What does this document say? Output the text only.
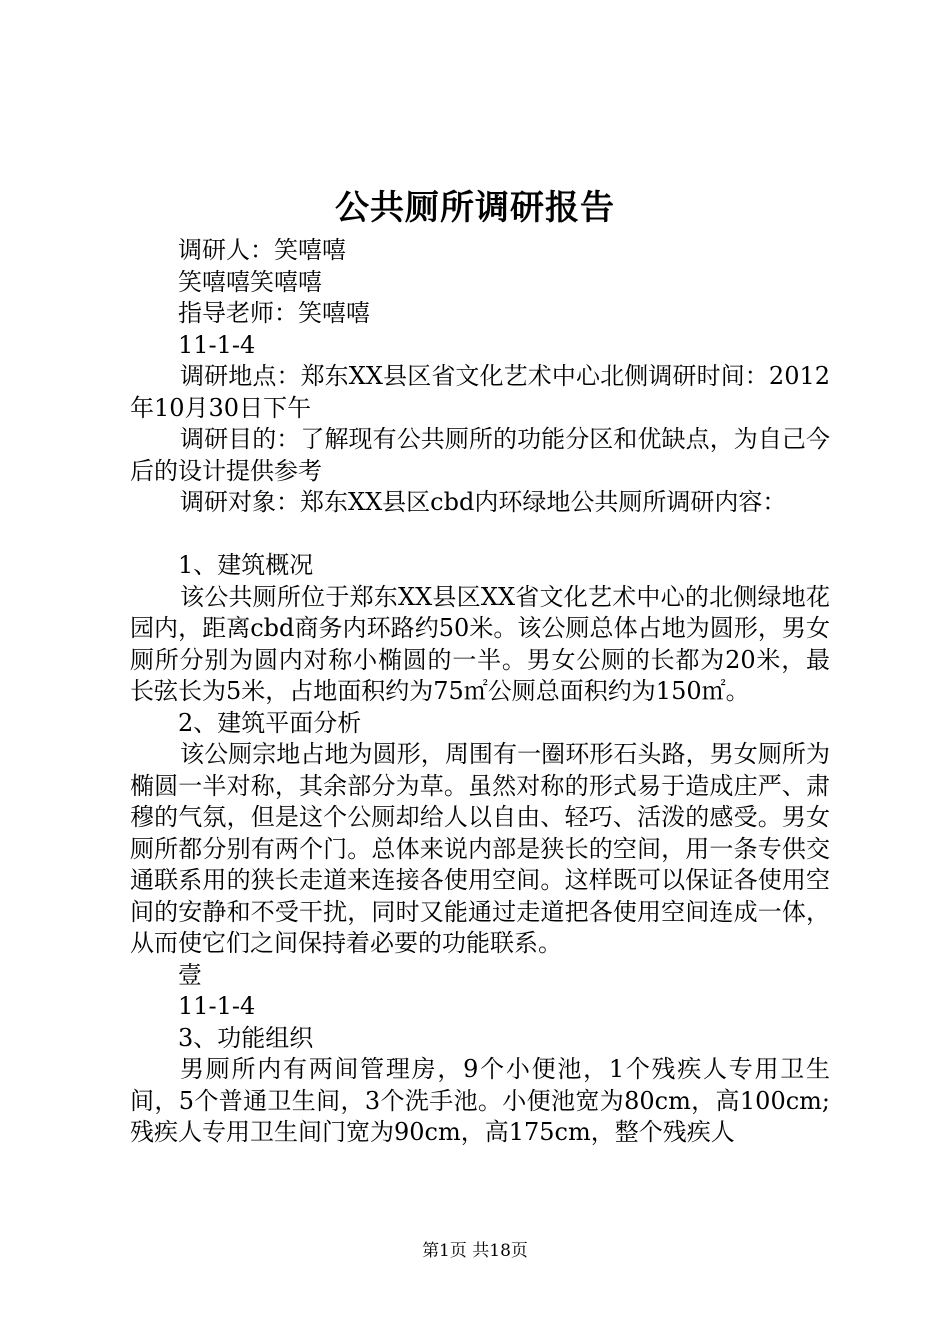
公共厕所调研报告
调研人：笑嘻嘻
笑嘻嘻笑嘻嘻
指导老师：笑嘻嘻
11-1-4
调研地点：郑东XX县区省文化艺术中心北侧调研时间：2012年10月30日下午
调研目的：了解现有公共厕所的功能分区和优缺点，为自己今后的设计提供参考
调研对象：郑东XX县区cbd内环绿地公共厕所调研内容：
1、建筑概况
该公共厕所位于郑东XX县区XX省文化艺术中心的北侧绿地花园内，距离cbd商务内环路约50米。该公厕总体占地为圆形，男女厕所分别为圆内对称小椭圆的一半。男女公厕的长都为20米，最长弦长为5米，占地面积约为75㎡公厕总面积约为150㎡。
2、建筑平面分析
该公厕宗地占地为圆形，周围有一圈环形石头路，男女厕所为椭圆一半对称，其余部分为草。虽然对称的形式易于造成庄严、肃穆的气氛，但是这个公厕却给人以自由、轻巧、活泼的感受。男女厕所都分别有两个门。总体来说内部是狭长的空间，用一条专供交通联系用的狭长走道来连接各使用空间。这样既可以保证各使用空间的安静和不受干扰，同时又能通过走道把各使用空间连成一体，从而使它们之间保持着必要的功能联系。
壹
11-1-4
3、功能组织
男厕所内有两间管理房，9个小便池，1个残疾人专用卫生间，5个普通卫生间，3个洗手池。小便池宽为80cm，高100cm;残疾人专用卫生间门宽为90cm，高175cm，整个残疾人
第1页 共18页
